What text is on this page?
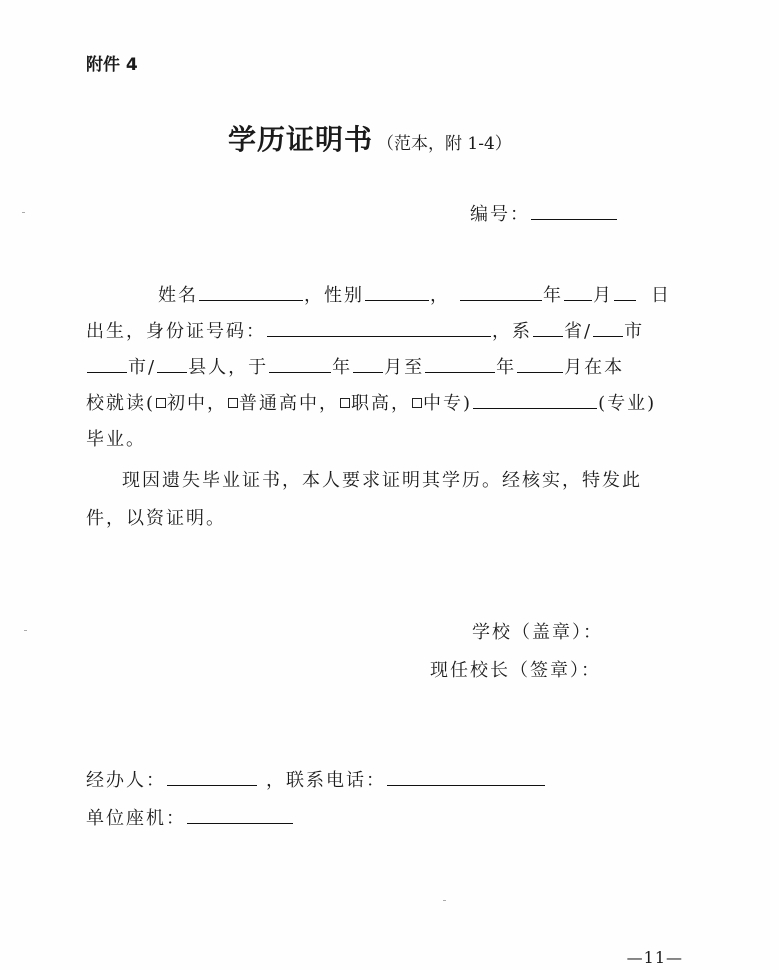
附件 4
学历证明书 （范本，附 1-4）
编号：
姓名	，性别	，	年 月 日
出生，身份证号码：	，系 省/ 市
市/ 县人，于	年 月至	年	月在本
校就读( 初中， 普通高中， 职高， 中专)	(专业)
毕业。
现因遗失毕业证书，本人要求证明其学历。经核实，特发此
件，以资证明。
学校（盖章）：
现任校长（签章）：
经办人：	，联系电话：
单位座机：
—11—
